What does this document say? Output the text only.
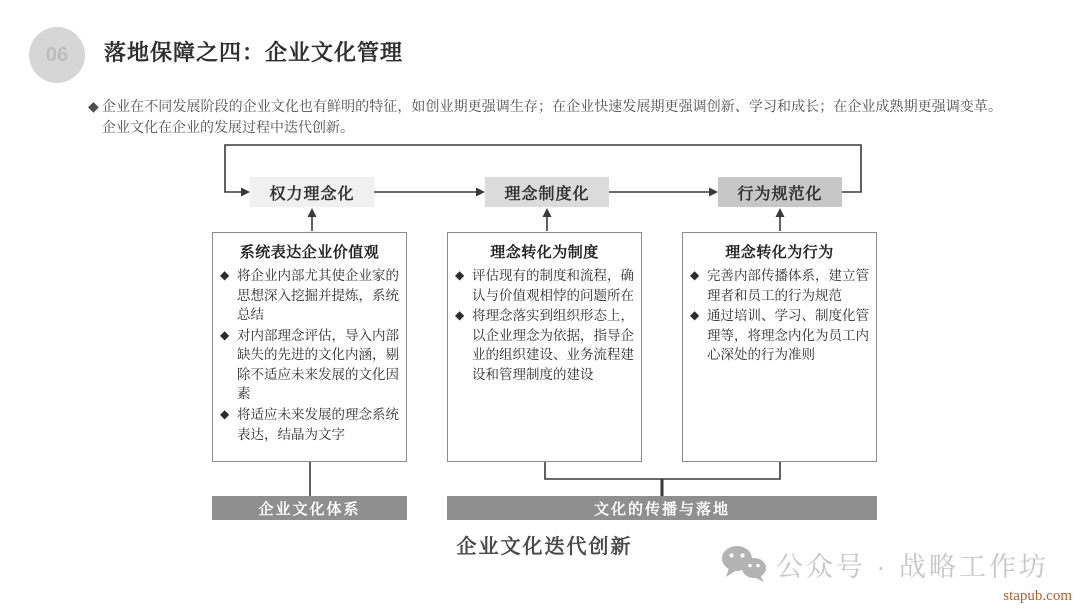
06 落地保障之四：企业文化管理
◆ 企业在不同发展阶段的企业文化也有鲜明的特征，如创业期更强调生存；在企业快速发展期更强调创新、学习和成长；在企业成熟期更强调变革。企业文化在企业的发展过程中迭代创新。
权力理念化	理念制度化	行为规范化
系统表达企业价值观
◆ 将企业内部尤其使企业家的思想深入挖掘并提炼，系统总结
◆ 对内部理念评估，导入内部缺失的先进的文化内涵，剔除不适应未来发展的文化因素
◆ 将适应未来发展的理念系统表达，结晶为文字
理念转化为制度
◆ 评估现有的制度和流程，确认与价值观相悖的问题所在
◆ 将理念落实到组织形态上，以企业理念为依据，指导企业的组织建设、业务流程建设和管理制度的建设
理念转化为行为
◆ 完善内部传播体系，建立管理者和员工的行为规范
◆ 通过培训、学习、制度化管理等，将理念内化为员工内心深处的行为准则
企业文化体系	文化的传播与落地
企业文化迭代创新
公众号 · 战略工作坊
stapub.com
